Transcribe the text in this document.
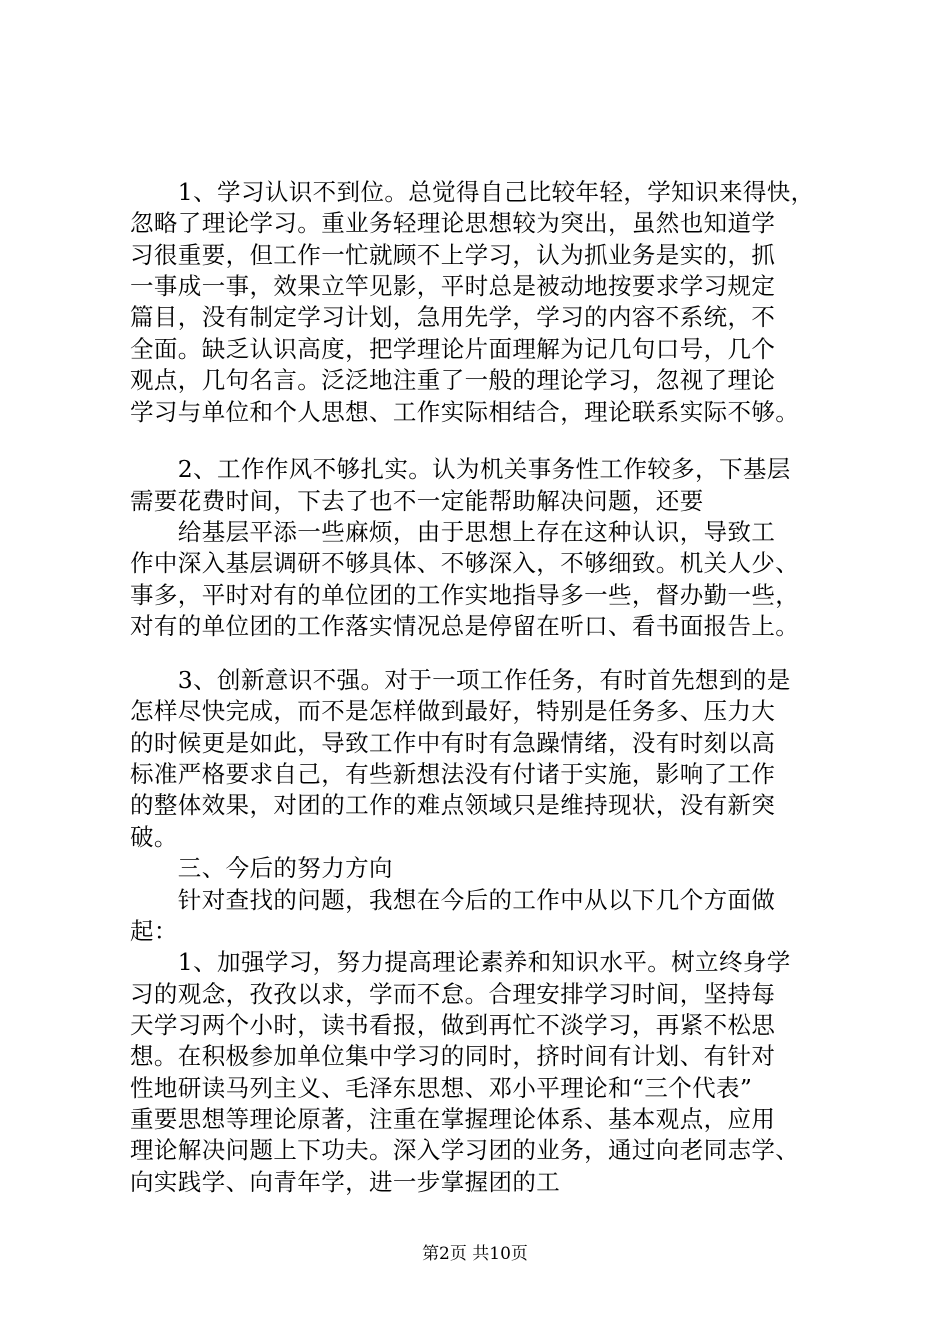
　　1、学习认识不到位。总觉得自己比较年轻，学知识来得快，
忽略了理论学习。重业务轻理论思想较为突出，虽然也知道学
习很重要，但工作一忙就顾不上学习，认为抓业务是实的，抓
一事成一事，效果立竿见影，平时总是被动地按要求学习规定
篇目，没有制定学习计划，急用先学，学习的内容不系统，不
全面。缺乏认识高度，把学理论片面理解为记几句口号，几个
观点，几句名言。泛泛地注重了一般的理论学习，忽视了理论
学习与单位和个人思想、工作实际相结合，理论联系实际不够。
　　2、工作作风不够扎实。认为机关事务性工作较多，下基层
需要花费时间，下去了也不一定能帮助解决问题，还要
　　给基层平添一些麻烦，由于思想上存在这种认识，导致工
作中深入基层调研不够具体、不够深入，不够细致。机关人少、
事多，平时对有的单位团的工作实地指导多一些，督办勤一些，
对有的单位团的工作落实情况总是停留在听口、看书面报告上。
　　3、创新意识不强。对于一项工作任务，有时首先想到的是
怎样尽快完成，而不是怎样做到最好，特别是任务多、压力大
的时候更是如此，导致工作中有时有急躁情绪，没有时刻以高
标准严格要求自己，有些新想法没有付诸于实施，影响了工作
的整体效果，对团的工作的难点领域只是维持现状，没有新突
破。
　　三、今后的努力方向
　　针对查找的问题，我想在今后的工作中从以下几个方面做
起：
　　1、加强学习，努力提高理论素养和知识水平。树立终身学
习的观念，孜孜以求，学而不怠。合理安排学习时间，坚持每
天学习两个小时，读书看报，做到再忙不淡学习，再紧不松思
想。在积极参加单位集中学习的同时，挤时间有计划、有针对
性地研读马列主义、毛泽东思想、邓小平理论和“三个代表”
重要思想等理论原著，注重在掌握理论体系、基本观点，应用
理论解决问题上下功夫。深入学习团的业务，通过向老同志学、
向实践学、向青年学，进一步掌握团的工
第2页 共10页
